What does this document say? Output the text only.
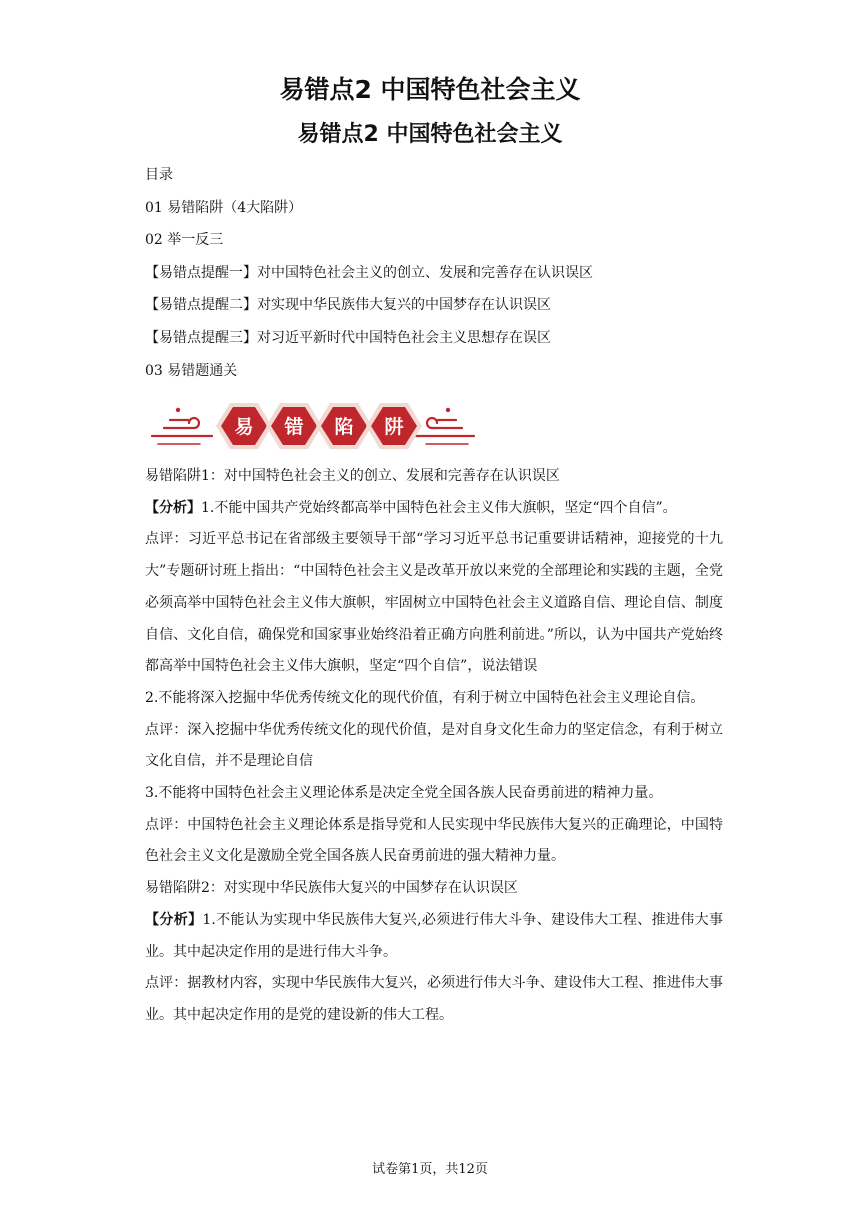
易错点2 中国特色社会主义
易错点2 中国特色社会主义
目录
01 易错陷阱（4大陷阱）
02 举一反三
【易错点提醒一】对中国特色社会主义的创立、发展和完善存在认识误区
【易错点提醒二】对实现中华民族伟大复兴的中国梦存在认识误区
【易错点提醒三】对习近平新时代中国特色社会主义思想存在误区
03 易错题通关
易 错 陷 阱

易错陷阱1：对中国特色社会主义的创立、发展和完善存在认识误区

【分析】1.不能中国共产党始终都高举中国特色社会主义伟大旗帜，坚定“四个自信”。

点评：习近平总书记在省部级主要领导干部“学习习近平总书记重要讲话精神，迎接党的十九大”专题研讨班上指出：“中国特色社会主义是改革开放以来党的全部理论和实践的主题，全党必须高举中国特色社会主义伟大旗帜，牢固树立中国特色社会主义道路自信、理论自信、制度自信、文化自信，确保党和国家事业始终沿着正确方向胜利前进。”所以，认为中国共产党始终都高举中国特色社会主义伟大旗帜，坚定“四个自信”，说法错误

2.不能将深入挖掘中华优秀传统文化的现代价值，有利于树立中国特色社会主义理论自信。

点评：深入挖掘中华优秀传统文化的现代价值，是对自身文化生命力的坚定信念，有利于树立文化自信，并不是理论自信

3.不能将中国特色社会主义理论体系是决定全党全国各族人民奋勇前进的精神力量。

点评：中国特色社会主义理论体系是指导党和人民实现中华民族伟大复兴的正确理论，中国特色社会主义文化是激励全党全国各族人民奋勇前进的强大精神力量。

易错陷阱2：对实现中华民族伟大复兴的中国梦存在认识误区

【分析】1.不能认为实现中华民族伟大复兴,必须进行伟大斗争、建设伟大工程、推进伟大事业。其中起决定作用的是进行伟大斗争。

点评：据教材内容，实现中华民族伟大复兴，必须进行伟大斗争、建设伟大工程、推进伟大事业。其中起决定作用的是党的建设新的伟大工程。

试卷第1页，共12页
